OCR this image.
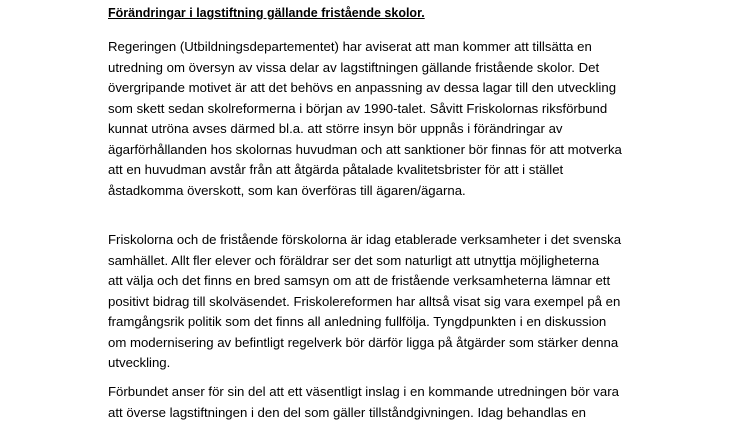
Förändringar i lagstiftning gällande fristående skolor.

Regeringen (Utbildningsdepartementet) har aviserat att man kommer att tillsätta en
utredning om översyn av vissa delar av lagstiftningen gällande fristående skolor. Det
övergripande motivet är att det behövs en anpassning av dessa lagar till den utveckling
som skett sedan skolreformerna i början av 1990-talet. Såvitt Friskolornas riksförbund
kunnat utröna avses därmed bl.a. att större insyn bör uppnås i förändringar av
ägarförhållanden hos skolornas huvudman och att sanktioner bör finnas för att motverka
att en huvudman avstår från att åtgärda påtalade kvalitetsbrister för att i stället
åstadkomma överskott, som kan överföras till ägaren/ägarna.

Friskolorna och de fristående förskolorna är idag etablerade verksamheter i det svenska
samhället. Allt fler elever och föräldrar ser det som naturligt att utnyttja möjligheterna
att välja och det finns en bred samsyn om att de fristående verksamheterna lämnar ett
positivt bidrag till skolväsendet. Friskolereformen har alltså visat sig vara exempel på en
framgångsrik politik som det finns all anledning fullfölja. Tyngdpunkten i en diskussion
om modernisering av befintligt regelverk bör därför ligga på åtgärder som stärker denna
utveckling.

Förbundet anser för sin del att ett väsentligt inslag i en kommande utredningen bör vara
att överse lagstiftningen i den del som gäller tillståndgivningen. Idag behandlas en
